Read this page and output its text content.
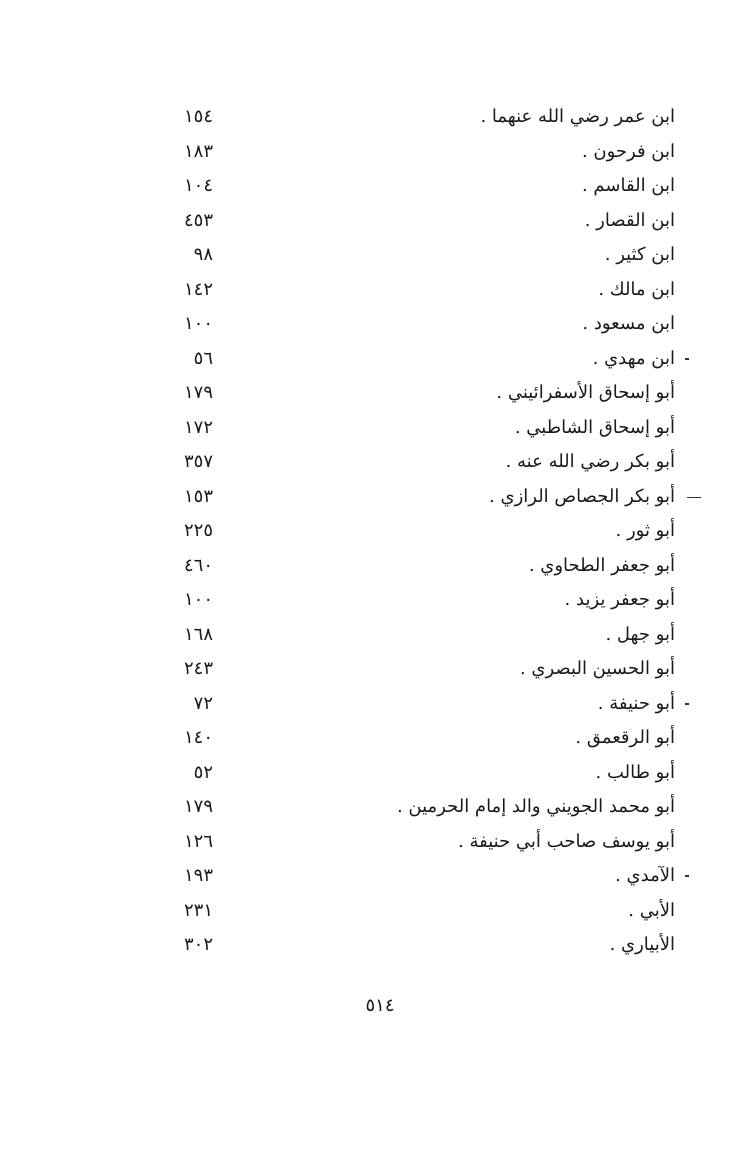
ابن عمر رضي الله عنهما .
١٥٤
ابن فرحون .
١٨٣
ابن القاسم .
١٠٤
ابن القصار .
٤٥٣
ابن كثير .
٩٨
ابن مالك .
١٤٢
ابن مسعود .
١٠٠
ابن مهدي .
٥٦
أبو إسحاق الأسفرائيني .
١٧٩
أبو إسحاق الشاطبي .
١٧٢
أبو بكر رضي الله عنه .
٣٥٧
أبو بكر الجصاص الرازي .
١٥٣
أبو ثور .
٢٢٥
أبو جعفر الطحاوي .
٤٦٠
أبو جعفر يزيد .
١٠٠
أبو جهل .
١٦٨
أبو الحسين البصري .
٢٤٣
أبو حنيفة .
٧٢
أبو الرقعمق .
١٤٠
أبو طالب .
٥٢
أبو محمد الجويني والد إمام الحرمين .
١٧٩
أبو يوسف صاحب أبي حنيفة .
١٢٦
الآمدي .
١٩٣
الأبي .
٢٣١
الأبياري .
٣٠٢
٥١٤
